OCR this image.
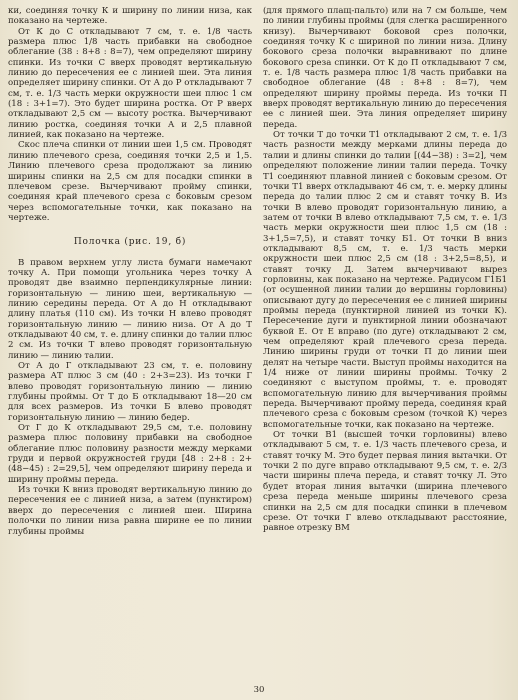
ки, соединяя точку К и ширину по линии низа, как показано на чертеже.

От К до С откладывают 7 см, т. е. 1/8 часть размера плюс 1/8 часть прибавки на свободное облегание (38 : 8+8 : 8=7), чем определяют ширину спинки. Из точки С вверх проводят вертикальную линию до пересечения ее с линией шеи. Эта линия определяет ширину спинки. От А до Р откладывают 7 см, т. е. 1/3 часть мерки окружности шеи плюс 1 см (18 : 3+1=7). Это будет ширина ростка. От Р вверх откладывают 2,5 см — высоту ростка. Вычерчивают линию ростка, соединяя точки А и 2,5 плавной линией, как показано на чертеже.

Скос плеча спинки от линии шеи 1,5 см. Проводят линию плечевого среза, соединяя точки 2,5 и 1,5. Линию плечевого среза продолжают за линию ширины спинки на 2,5 см для посадки спинки в плечевом срезе. Вычерчивают пройму спинки, соединяя край плечевого среза с боковым срезом через вспомогательные точки, как показано на чертеже.

Полочка (рис. 19, б)

В правом верхнем углу листа бумаги намечают точку А. При помощи угольника через точку А проводят две взаимно перпендикулярные линии: горизонтальную — линию шеи, вертикальную — линию середины переда. От А до Н откладывают длину платья (110 см). Из точки Н влево проводят горизонтальную линию — линию низа. От А до Т откладывают 40 см, т. е. длину спинки до талии плюс 2 см. Из точки Т влево проводят горизонтальную линию — линию талии.

От А до Г откладывают 23 см, т. е. половину размера АТ плюс 3 см (40 : 2+3=23). Из точки Г влево проводят горизонтальную линию — линию глубины проймы. От Т до Б откладывают 18—20 см для всех размеров. Из точки Б влево проводят горизонтальную линию — линию бедер.

От Г до К откладывают 29,5 см, т.е. половину размера плюс половину прибавки на свободное облегание плюс половину разности между мерками груди и первой окружностей груди [48 : 2+8 : 2+(48−45) : 2=29,5], чем определяют ширину переда и ширину проймы переда.

Из точки К вниз проводят вертикальную линию до пересечения ее с линией низа, а затем (пунктиром) вверх до пересечения с линией шеи. Ширина полочки по линии низа равна ширине ее по линии глубины проймы

(для прямого плащ-пальто) или на 7 см больше, чем по линии глубины проймы (для слегка расширенного книзу). Вычерчивают боковой срез полочки, соединяя точку К с шириной по линии низа. Длину бокового среза полочки выравнивают по длине бокового среза спинки. От К до П откладывают 7 см, т. е. 1/8 часть размера плюс 1/8 часть прибавки на свободное облегание (48 : 8+8 : 8=7), чем определяют ширину проймы переда. Из точки П вверх проводят вертикальную линию до пересечения ее с линией шеи. Эта линия определяет ширину переда.

От точки Т до точки Т1 откладывают 2 см, т. е. 1/3 часть разности между мерками длины переда до талии и длины спинки до талии [(44−38) : 3=2], чем определяют положение линии талии переда. Точку Т1 соединяют плавной линией с боковым срезом. От точки Т1 вверх откладывают 46 см, т. е. мерку длины переда до талии плюс 2 см и ставят точку В. Из точки В влево проводят горизонтальную линию, а затем от точки В влево откладывают 7,5 см, т. е. 1/3 часть мерки окружности шеи плюс 1,5 см (18 : 3+1,5=7,5), и ставят точку Б1. От точки В вниз откладывают 8,5 см, т. е. 1/3 часть мерки окружности шеи плюс 2,5 см (18 : 3+2,5=8,5), и ставят точку Д. Затем вычерчивают вырез горловины, как показано на чертеже. Радиусом Г1Б1 (от осушенной линии талии до вершины горловины) описывают дугу до пересечения ее с линией ширины проймы переда (пунктирной линией из точки К). Пересечение дуги и пунктирной линии обозначают буквой Е. От Е вправо (по дуге) откладывают 2 см, чем определяют край плечевого среза переда. Линию ширины груди от точки П до линии шеи делят на четыре части. Выступ проймы находится на 1/4 ниже от линии ширины проймы. Точку 2 соединяют с выступом проймы, т. е. проводят вспомогательную линию для вычерчивания проймы переда. Вычерчивают пройму переда, соединяя край плечевого среза с боковым срезом (точкой К) через вспомогательные точки, как показано на чертеже.

От точки В1 (высшей точки горловины) влево откладывают 5 см, т. е. 1/3 часть плечевого среза, и ставят точку М. Это будет первая линия вытачки. От точки 2 по дуге вправо откладывают 9,5 см, т. е. 2/3 части ширины плеча переда, и ставят точку Л. Это будет вторая линия вытачки (ширина плечевого среза переда меньше ширины плечевого среза спинки на 2,5 см для посадки спинки в плечевом срезе. От точки Г влево откладывают расстояние, равное отрезку ВМ

30
